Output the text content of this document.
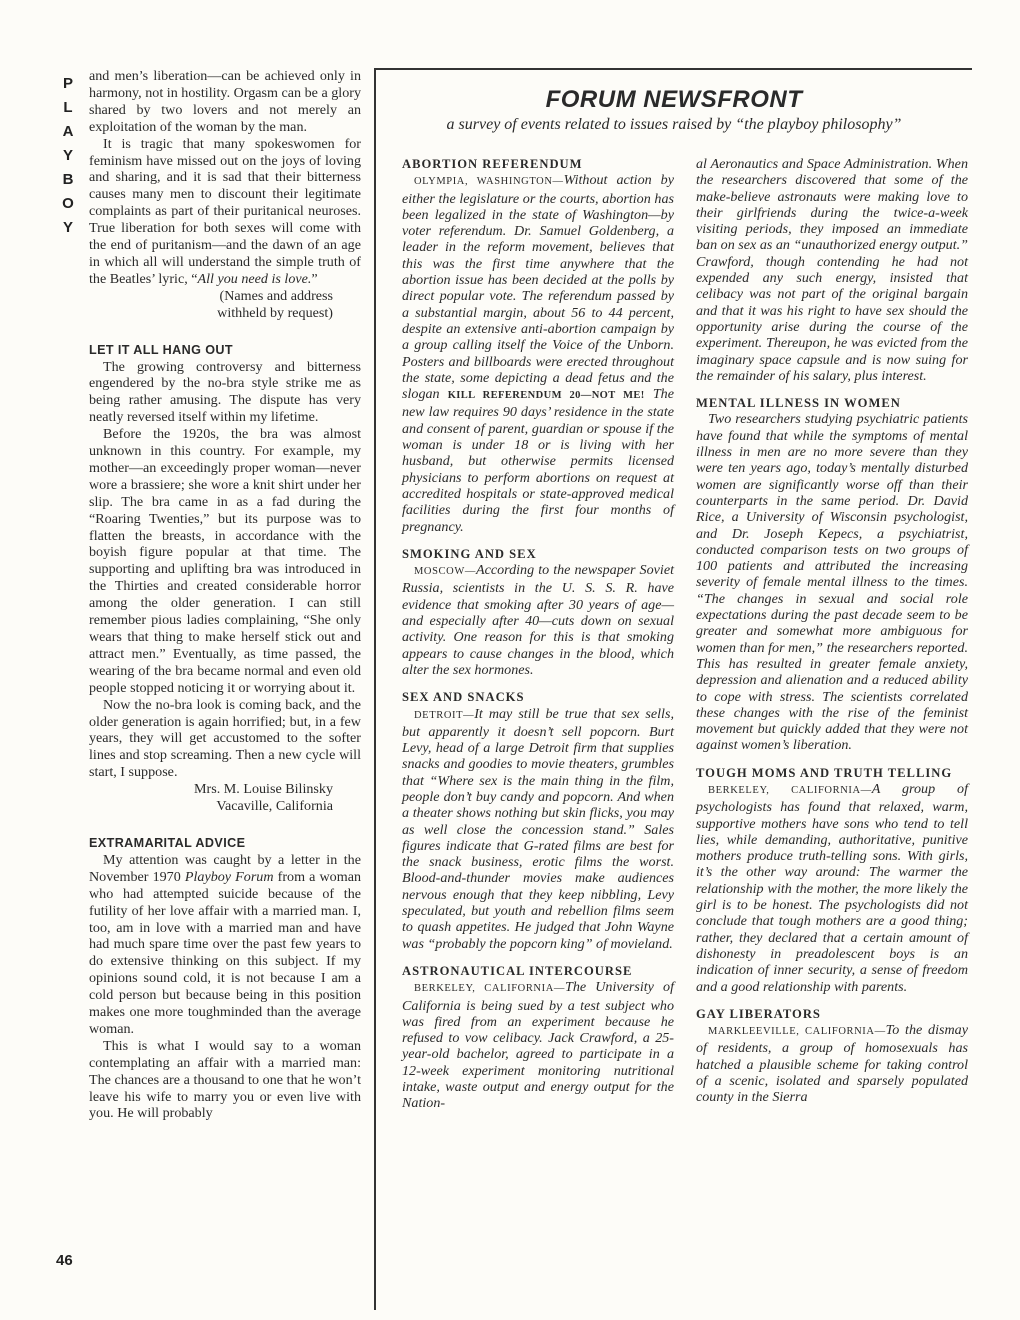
P
L
A
Y
B
O
Y
46

and men’s liberation—can be achieved only in harmony, not in hostility. Orgasm can be a glory shared by two lovers and not merely an exploitation of the woman by the man.

It is tragic that many spokeswomen for feminism have missed out on the joys of loving and sharing, and it is sad that their bitterness causes many men to discount their legitimate complaints as part of their puritanical neuroses. True liberation for both sexes will come with the end of puritanism—and the dawn of an age in which all will understand the simple truth of the Beatles’ lyric, “All you need is love.”

(Names and address
withheld by request)
LET IT ALL HANG OUT

The growing controversy and bitterness engendered by the no-bra style strike me as being rather amusing. The dispute has very neatly reversed itself within my lifetime.

Before the 1920s, the bra was almost unknown in this country. For example, my mother—an exceedingly proper woman—never wore a brassiere; she wore a knit shirt under her slip. The bra came in as a fad during the “Roaring Twenties,” but its purpose was to flatten the breasts, in accordance with the boyish figure popular at that time. The supporting and uplifting bra was introduced in the Thirties and created considerable horror among the older generation. I can still remember pious ladies complaining, “She only wears that thing to make herself stick out and attract men.” Eventually, as time passed, the wearing of the bra became normal and even old people stopped noticing it or worrying about it.

Now the no-bra look is coming back, and the older generation is again horrified; but, in a few years, they will get accustomed to the softer lines and stop screaming. Then a new cycle will start, I suppose.

Mrs. M. Louise Bilinsky
Vacaville, California
EXTRAMARITAL ADVICE

My attention was caught by a letter in the November 1970 Playboy Forum from a woman who had attempted suicide because of the futility of her love affair with a married man. I, too, am in love with a married man and have had much spare time over the past few years to do extensive thinking on this subject. If my opinions sound cold, it is not because I am a cold person but because being in this position makes one more toughminded than the average woman.

This is what I would say to a woman contemplating an affair with a married man: The chances are a thousand to one that he won’t leave his wife to marry you or even live with you. He will probably

FORUM NEWSFRONT

a survey of events related to issues raised by “the playboy philosophy”

ABORTION REFERENDUM

OLYMPIA, WASHINGTON—Without action by either the legislature or the courts, abortion has been legalized in the state of Washington—by voter referendum. Dr. Samuel Goldenberg, a leader in the reform movement, believes that this was the first time anywhere that the abortion issue has been decided at the polls by direct popular vote. The referendum passed by a substantial margin, about 56 to 44 percent, despite an extensive anti-abortion campaign by a group calling itself the Voice of the Unborn. Posters and billboards were erected throughout the state, some depicting a dead fetus and the slogan KILL REFERENDUM 20—NOT ME! The new law requires 90 days’ residence in the state and consent of parent, guardian or spouse if the woman is under 18 or is living with her husband, but otherwise permits licensed physicians to perform abortions on request at accredited hospitals or state-approved medical facilities during the first four months of pregnancy.

SMOKING AND SEX

MOSCOW—According to the newspaper Soviet Russia, scientists in the U. S. S. R. have evidence that smoking after 30 years of age—and especially after 40—cuts down on sexual activity. One reason for this is that smoking appears to cause changes in the blood, which alter the sex hormones.

SEX AND SNACKS

DETROIT—It may still be true that sex sells, but apparently it doesn’t sell popcorn. Burt Levy, head of a large Detroit firm that supplies snacks and goodies to movie theaters, grumbles that “Where sex is the main thing in the film, people don’t buy candy and popcorn. And when a theater shows nothing but skin flicks, you may as well close the concession stand.” Sales figures indicate that G-rated films are best for the snack business, erotic films the worst. Blood-and-thunder movies make audiences nervous enough that they keep nibbling, Levy speculated, but youth and rebellion films seem to quash appetites. He judged that John Wayne was “probably the popcorn king” of movieland.

ASTRONAUTICAL INTERCOURSE

BERKELEY, CALIFORNIA—The University of California is being sued by a test subject who was fired from an experiment because he refused to vow celibacy. Jack Crawford, a 25-year-old bachelor, agreed to participate in a 12-week experiment monitoring nutritional intake, waste output and energy output for the Nation-

al Aeronautics and Space Administration. When the researchers discovered that some of the make-believe astronauts were making love to their girlfriends during the twice-a-week visiting periods, they imposed an immediate ban on sex as an “unauthorized energy output.” Crawford, though contending he had not expended any such energy, insisted that celibacy was not part of the original bargain and that it was his right to have sex should the opportunity arise during the course of the experiment. Thereupon, he was evicted from the imaginary space capsule and is now suing for the remainder of his salary, plus interest.

MENTAL ILLNESS IN WOMEN

Two researchers studying psychiatric patients have found that while the symptoms of mental illness in men are no more severe than they were ten years ago, today’s mentally disturbed women are significantly worse off than their counterparts in the same period. Dr. David Rice, a University of Wisconsin psychologist, and Dr. Joseph Kepecs, a psychiatrist, conducted comparison tests on two groups of 100 patients and attributed the increasing severity of female mental illness to the times. “The changes in sexual and social role expectations during the past decade seem to be greater and somewhat more ambiguous for women than for men,” the researchers reported. This has resulted in greater female anxiety, depression and alienation and a reduced ability to cope with stress. The scientists correlated these changes with the rise of the feminist movement but quickly added that they were not against women’s liberation.

TOUGH MOMS AND TRUTH TELLING

BERKELEY, CALIFORNIA—A group of psychologists has found that relaxed, warm, supportive mothers have sons who tend to tell lies, while demanding, authoritative, punitive mothers produce truth-telling sons. With girls, it’s the other way around: The warmer the relationship with the mother, the more likely the girl is to be honest. The psychologists did not conclude that tough mothers are a good thing; rather, they declared that a certain amount of dishonesty in preadolescent boys is an indication of inner security, a sense of freedom and a good relationship with parents.

GAY LIBERATORS

MARKLEEVILLE, CALIFORNIA—To the dismay of residents, a group of homosexuals has hatched a plausible scheme for taking control of a scenic, isolated and sparsely populated county in the Sierra
